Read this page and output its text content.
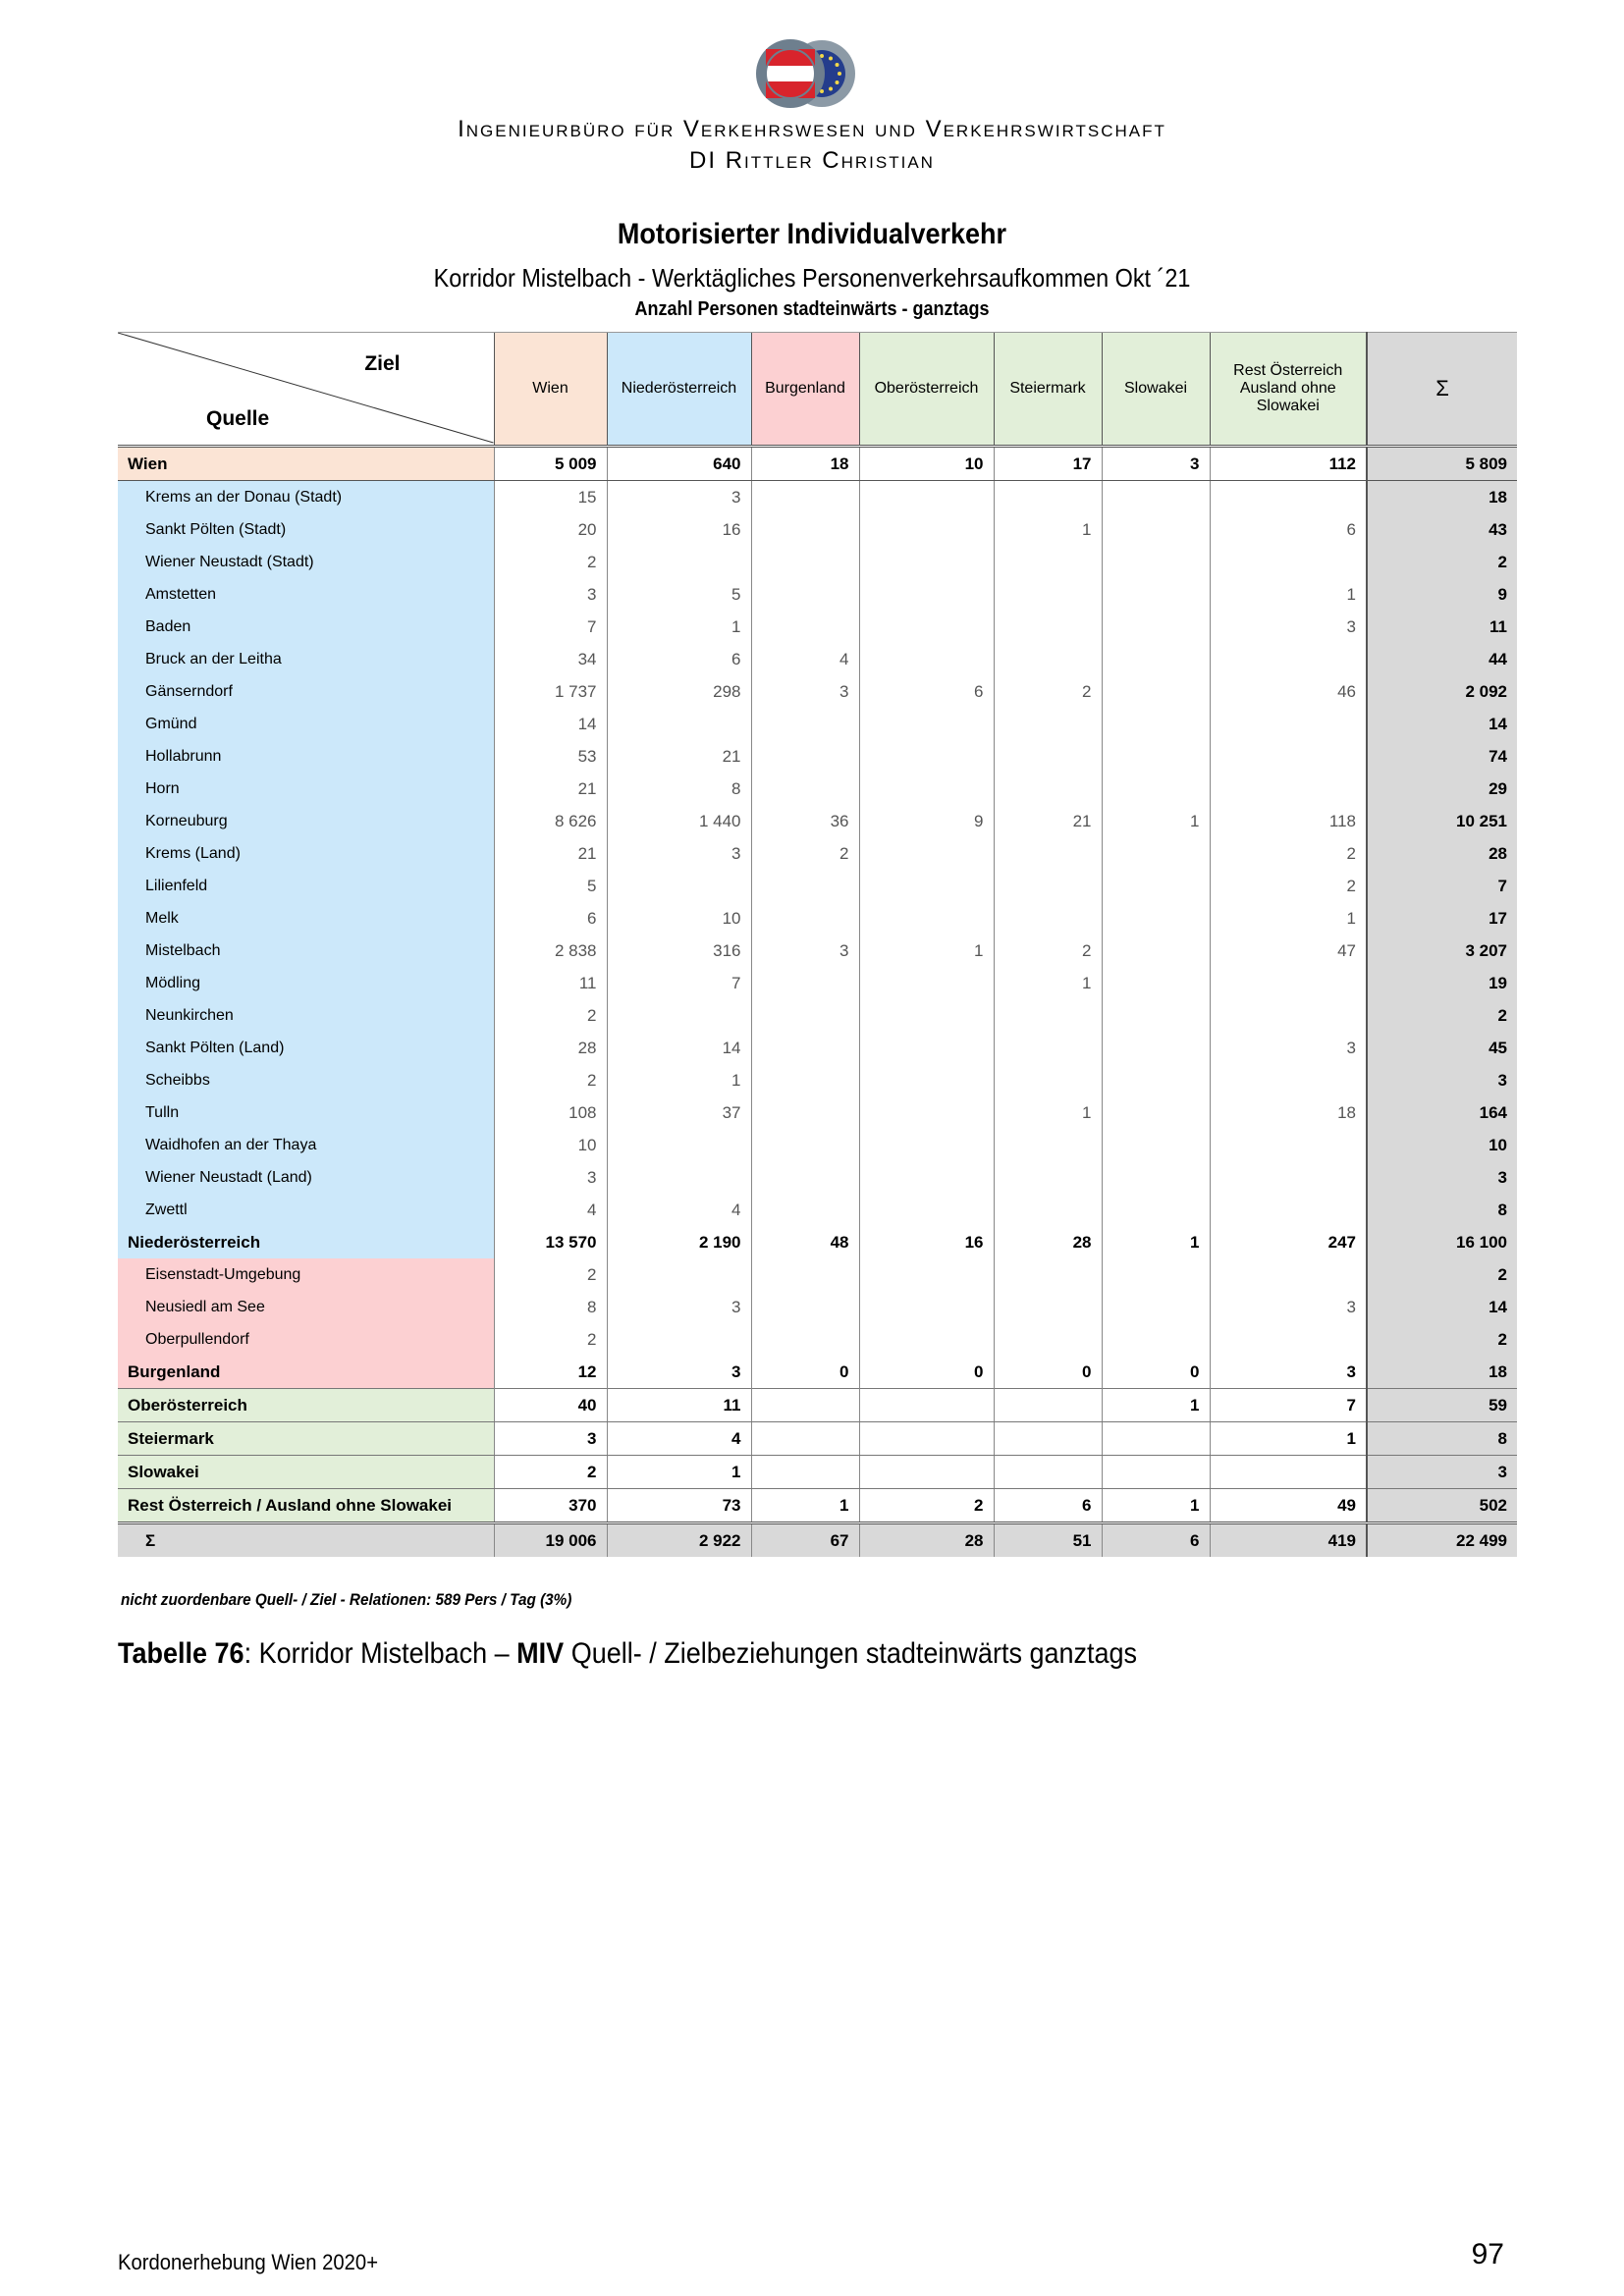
Ingenieurbüro für Verkehrswesen und Verkehrswirtschaft
DI Rittler Christian
Motorisierter Individualverkehr
Korridor Mistelbach - Werktägliches Personenverkehrsaufkommen Okt ´21
Anzahl Personen stadteinwärts - ganztags
Ziel
Quelle	Wien	Niederösterreich	Burgenland	Oberösterreich	Steiermark	Slowakei	Rest Österreich Ausland ohne Slowakei	Σ
Wien	5 009	640	18	10	17	3	112	5 809
Krems an der Donau (Stadt)	15	3						18
Sankt Pölten (Stadt)	20	16			1		6	43
Wiener Neustadt (Stadt)	2							2
Amstetten	3	5					1	9
Baden	7	1					3	11
Bruck an der Leitha	34	6	4					44
Gänserndorf	1 737	298	3	6	2		46	2 092
Gmünd	14							14
Hollabrunn	53	21						74
Horn	21	8						29
Korneuburg	8 626	1 440	36	9	21	1	118	10 251
Krems (Land)	21	3	2				2	28
Lilienfeld	5						2	7
Melk	6	10					1	17
Mistelbach	2 838	316	3	1	2		47	3 207
Mödling	11	7			1			19
Neunkirchen	2							2
Sankt Pölten (Land)	28	14					3	45
Scheibbs	2	1						3
Tulln	108	37			1		18	164
Waidhofen an der Thaya	10							10
Wiener Neustadt (Land)	3							3
Zwettl	4	4						8
Niederösterreich	13 570	2 190	48	16	28	1	247	16 100
Eisenstadt-Umgebung	2							2
Neusiedl am See	8	3					3	14
Oberpullendorf	2							2
Burgenland	12	3	0	0	0	0	3	18
Oberösterreich	40	11				1	7	59
Steiermark	3	4					1	8
Slowakei	2	1						3
Rest Österreich / Ausland ohne Slowakei	370	73	1	2	6	1	49	502
Σ	19 006	2 922	67	28	51	6	419	22 499
nicht zuordenbare Quell- / Ziel - Relationen: 589 Pers / Tag (3%)
Tabelle 76: Korridor Mistelbach – MIV Quell- / Zielbeziehungen stadteinwärts ganztags
Kordonerhebung Wien 2020+	97
